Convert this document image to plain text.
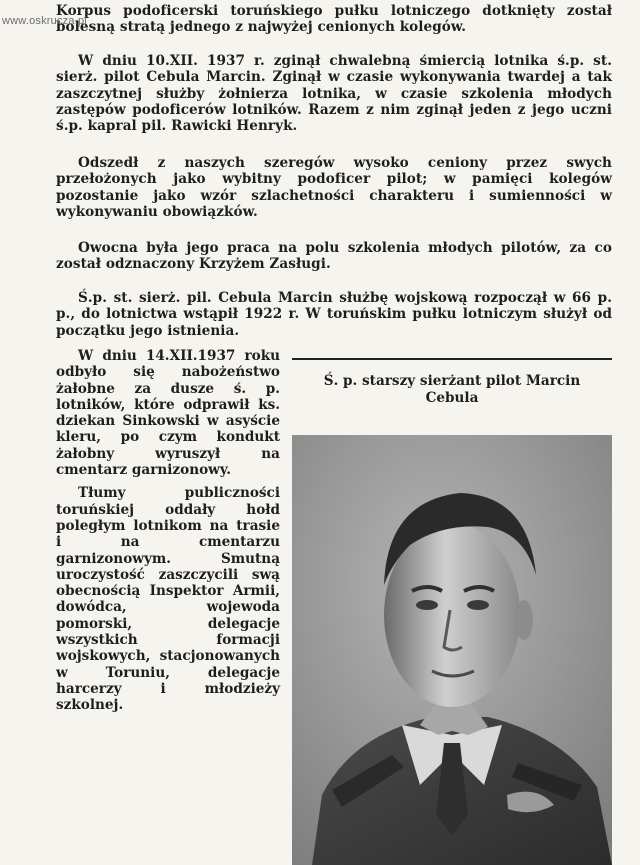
www.oskrucza.pl
Korpus podoficerski toruńskiego pułku lotniczego dotknięty został bolesną stratą jednego z najwyżej cenionych kolegów.
W dniu 10.XII. 1937 r. zginął chwalebną śmiercią lotnika ś.p. st. sierż. pilot Cebula Marcin. Zginął w czasie wykonywania twardej a tak zaszczytnej służby żołnierza lotnika, w czasie szkolenia młodych zastępów podoficerów lotników. Razem z nim zginął jeden z jego uczni ś.p. kapral pil. Rawicki Henryk.
Odszedł z naszych szeregów wysoko ceniony przez swych przełożonych jako wybitny podoficer pilot; w pamięci kolegów pozostanie jako wzór szlachetności charakteru i sumienności w wykonywaniu obowiązków.
Owocna była jego praca na polu szkolenia młodych pilotów, za co został odznaczony Krzyżem Zasługi.
Ś.p. st. sierż. pil. Cebula Marcin służbę wojskową rozpoczął w 66 p. p., do lotnictwa wstąpił 1922 r. W toruńskim pułku lotniczym służył od początku jego istnienia.

W dniu 14.XII.1937 roku odbyło się nabożeństwo żałobne za dusze ś. p. lotników, które odprawił ks. dziekan Sinkowski w asyście kleru, po czym kondukt żałobny wyruszył na cmentarz garnizonowy.

Tłumy publiczności toruńskiej oddały hołd poległym lotnikom na trasie i na cmentarzu garnizonowym. Smutną uroczystość zaszczycili swą obecnością Inspektor Armii, dowódca, wojewoda pomorski, delegacje wszystkich formacji wojskowych, stacjonowanych w Toruniu, delegacje harcerzy i młodzieży szkolnej.

Ś. p. starszy sierżant pilot Marcin
Cebula
